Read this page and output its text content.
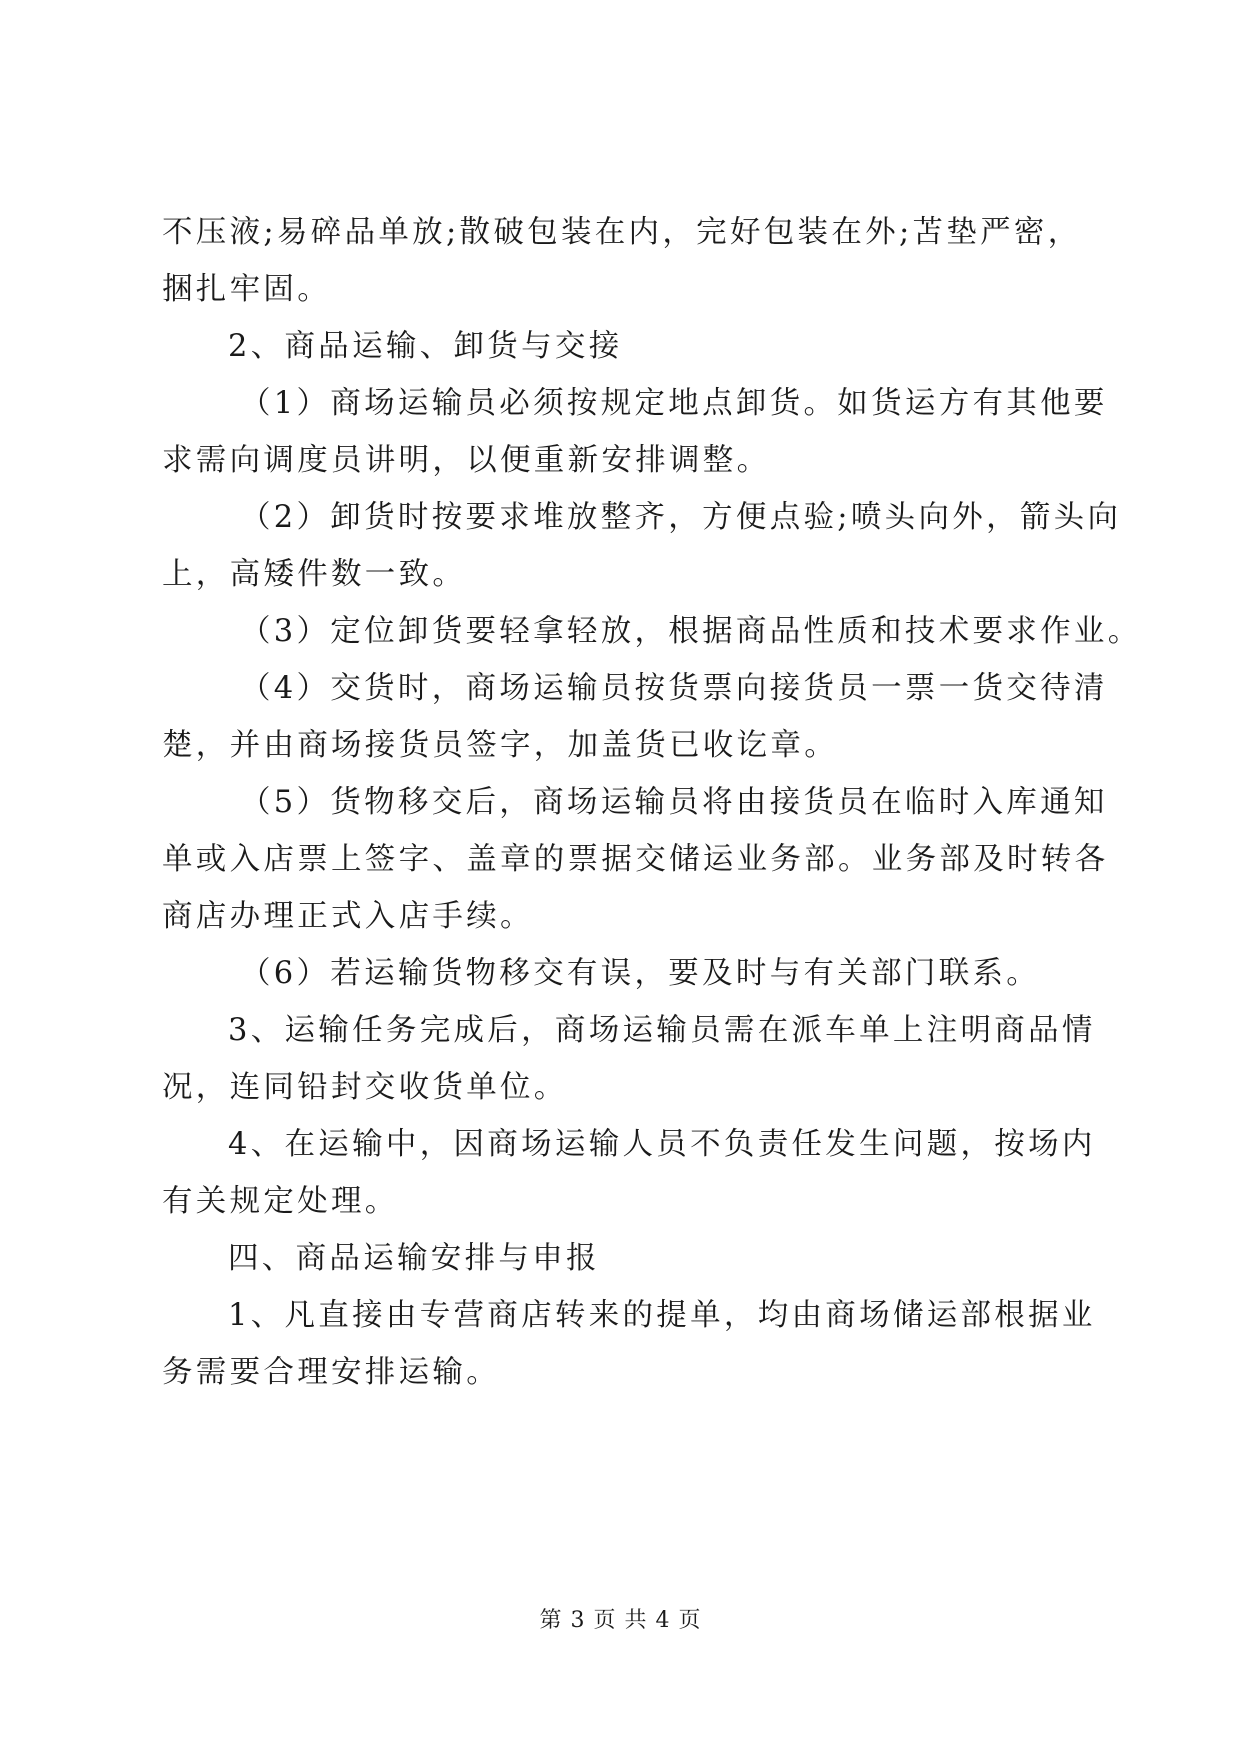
不压液;易碎品单放;散破包装在内，完好包装在外;苫垫严密，
捆扎牢固。
2、商品运输、卸货与交接
（1）商场运输员必须按规定地点卸货。如货运方有其他要
求需向调度员讲明，以便重新安排调整。
（2）卸货时按要求堆放整齐，方便点验;喷头向外，箭头向
上，高矮件数一致。
（3）定位卸货要轻拿轻放，根据商品性质和技术要求作业。
（4）交货时，商场运输员按货票向接货员一票一货交待清
楚，并由商场接货员签字，加盖货已收讫章。
（5）货物移交后，商场运输员将由接货员在临时入库通知
单或入店票上签字、盖章的票据交储运业务部。业务部及时转各
商店办理正式入店手续。
（6）若运输货物移交有误，要及时与有关部门联系。
3、运输任务完成后，商场运输员需在派车单上注明商品情
况，连同铅封交收货单位。
4、在运输中，因商场运输人员不负责任发生问题，按场内
有关规定处理。
四、商品运输安排与申报
1、凡直接由专营商店转来的提单，均由商场储运部根据业
务需要合理安排运输。
第 3 页 共 4 页
